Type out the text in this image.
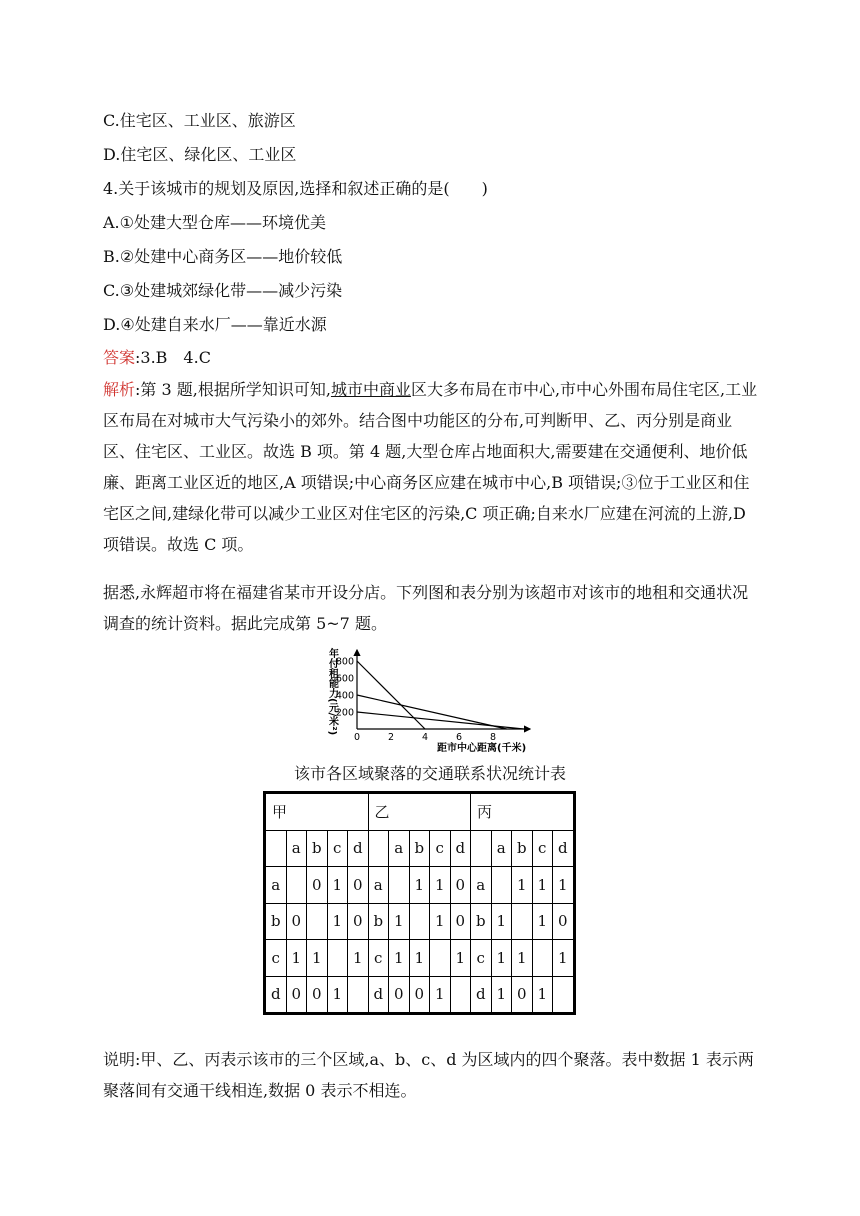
C.住宅区、工业区、旅游区
D.住宅区、绿化区、工业区
4.关于该城市的规划及原因,选择和叙述正确的是(　　)
A.①处建大型仓库——环境优美
B.②处建中心商务区——地价较低
C.③处建城郊绿化带——减少污染
D.④处建自来水厂——靠近水源
答案:3.B　4.C
解析:第 3 题,根据所学知识可知,城市中商业区大多布局在市中心,市中心外围布局住宅区,工业区布局在对城市大气污染小的郊外。结合图中功能区的分布,可判断甲、乙、丙分别是商业区、住宅区、工业区。故选 B 项。第 4 题,大型仓库占地面积大,需要建在交通便利、地价低廉、距离工业区近的地区,A 项错误;中心商务区应建在城市中心,B 项错误;③位于工业区和住宅区之间,建绿化带可以减少工业区对住宅区的污染,C 项正确;自来水厂应建在河流的上游,D 项错误。故选 C 项。
据悉,永辉超市将在福建省某市开设分店。下列图和表分别为该超市对该市的地租和交通状况调查的统计资料。据此完成第 5~7 题。
年付租能力(元/米²)
800
600
400
200
0	2	4	6	8
距市中心距离(千米)
该市各区域聚落的交通联系状况统计表
甲					乙					丙				
	a	b	c	d		a	b	c	d		a	b	c	d
a		0	1	0	a		1	1	0	a		1	1	1
b	0		1	0	b	1		1	0	b	1		1	0
c	1	1		1	c	1	1		1	c	1	1		1
d	0	0	1		d	0	0	1		d	1	0	1	
说明:甲、乙、丙表示该市的三个区域,a、b、c、d 为区域内的四个聚落。表中数据 1 表示两聚落间有交通干线相连,数据 0 表示不相连。
